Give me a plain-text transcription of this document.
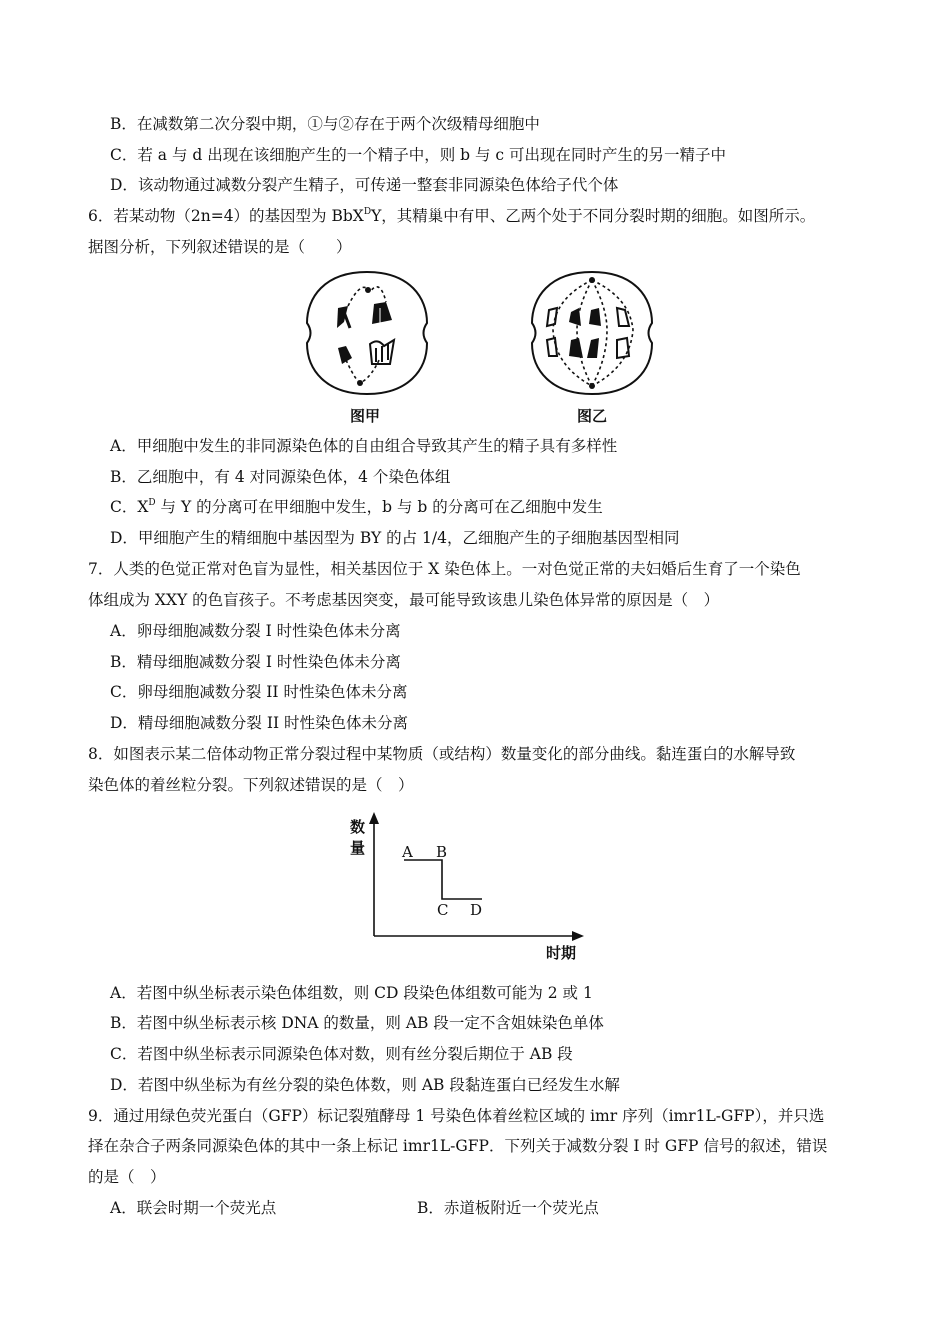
B．在减数第二次分裂中期，①与②存在于两个次级精母细胞中
C．若 a 与 d 出现在该细胞产生的一个精子中，则 b 与 c 可出现在同时产生的另一精子中
D．该动物通过减数分裂产生精子，可传递一整套非同源染色体给子代个体
6．若某动物（2n=4）的基因型为 BbX$^D$Y，其精巢中有甲、乙两个处于不同分裂时期的细胞。如图所示。
据图分析，下列叙述错误的是（　　）
图甲	图乙
A．甲细胞中发生的非同源染色体的自由组合导致其产生的精子具有多样性
B．乙细胞中，有 4 对同源染色体，4 个染色体组
C．$X^D$ 与 Y 的分离可在甲细胞中发生，b 与 b 的分离可在乙细胞中发生
D．甲细胞产生的精细胞中基因型为 BY 的占 1/4，乙细胞产生的子细胞基因型相同
7．人类的色觉正常对色盲为显性，相关基因位于 X 染色体上。一对色觉正常的夫妇婚后生育了一个染色
体组成为 XXY 的色盲孩子。不考虑基因突变，最可能导致该患儿染色体异常的原因是（　）
A．卵母细胞减数分裂 I 时性染色体未分离
B．精母细胞减数分裂 I 时性染色体未分离
C．卵母细胞减数分裂 II 时性染色体未分离
D．精母细胞减数分裂 II 时性染色体未分离
8．如图表示某二倍体动物正常分裂过程中某物质（或结构）数量变化的部分曲线。黏连蛋白的水解导致
染色体的着丝粒分裂。下列叙述错误的是（　）
数
量
时期
A B
C D
A．若图中纵坐标表示染色体组数，则 CD 段染色体组数可能为 2 或 1
B．若图中纵坐标表示核 DNA 的数量，则 AB 段一定不含姐妹染色单体
C．若图中纵坐标表示同源染色体对数，则有丝分裂后期位于 AB 段
D．若图中纵坐标为有丝分裂的染色体数，则 AB 段黏连蛋白已经发生水解
9．通过用绿色荧光蛋白（GFP）标记裂殖酵母 1 号染色体着丝粒区域的 imr 序列（imr1L-GFP），并只选
择在杂合子两条同源染色体的其中一条上标记 imr1L-GFP．下列关于减数分裂 I 时 GFP 信号的叙述，错误
的是（　）
A．联会时期一个荧光点	B．赤道板附近一个荧光点
